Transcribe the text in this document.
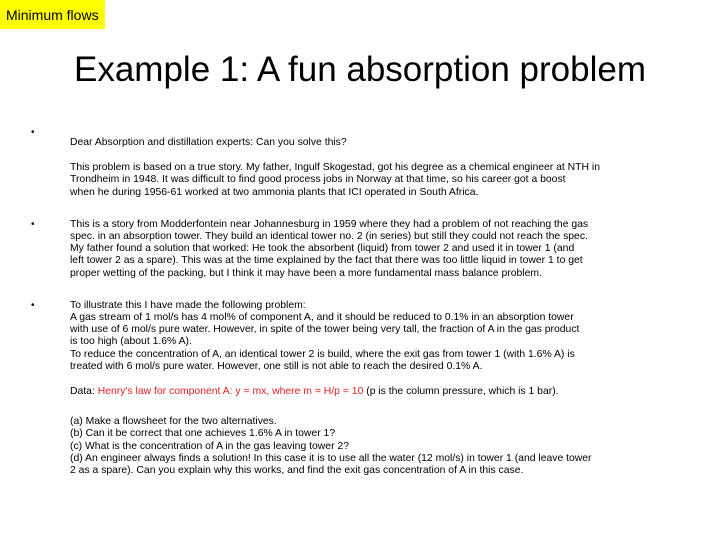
Minimum flows
Example 1: A fun absorption problem
•
Dear Absorption and distillation experts: Can you solve this?
This problem is based on a true story. My father, Ingulf Skogestad, got his degree as a chemical engineer at NTH in
Trondheim in 1948. It was difficult to find good process jobs in Norway at that time, so his career got a boost
when he during 1956-61 worked at two ammonia plants that ICI operated in South Africa.
•	This is a story from Modderfontein near Johannesburg in 1959 where they had a problem of not reaching the gas
spec. in an absorption tower. They build an identical tower no. 2 (in series) but still they could not reach the spec.
My father found a solution that worked: He took the absorbent (liquid) from tower 2 and used it in tower 1 (and
left tower 2 as a spare). This was at the time explained by the fact that there was too little liquid in tower 1 to get
proper wetting of the packing, but I think it may have been a more fundamental mass balance problem.
•	To illustrate this I have made the following problem:
A gas stream of 1 mol/s has 4 mol% of component A, and it should be reduced to 0.1% in an absorption tower
with use of 6 mol/s pure water. However, in spite of the tower being very tall, the fraction of A in the gas product
is too high (about 1.6% A).
To reduce the concentration of A, an identical tower 2 is build, where the exit gas from tower 1 (with 1.6% A) is
treated with 6 mol/s pure water. However, one still is not able to reach the desired 0.1% A.
Data: Henry's law for component A: y = mx, where m = H/p = 10 (p is the column pressure, which is 1 bar).
(a) Make a flowsheet for the two alternatives.
(b) Can it be correct that one achieves 1.6% A in tower 1?
(c) What is the concentration of A in the gas leaving tower 2?
(d) An engineer always finds a solution! In this case it is to use all the water (12 mol/s) in tower 1 (and leave tower
2 as a spare). Can you explain why this works, and find the exit gas concentration of A in this case.
